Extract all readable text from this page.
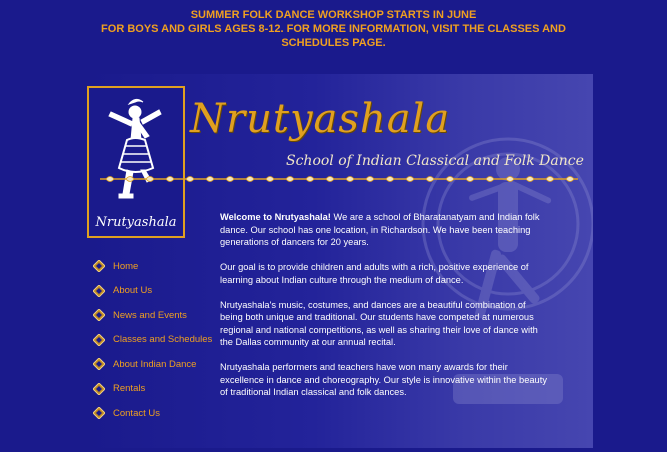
SUMMER FOLK DANCE WORKSHOP STARTS IN JUNE
FOR BOYS AND GIRLS AGES 8-12. FOR MORE INFORMATION, VISIT THE CLASSES AND
SCHEDULES PAGE.
Nrutyashala
Nrutyashala
School of Indian Classical and Folk Dance
Home
About Us
News and Events
Classes and Schedules
About Indian Dance
Rentals
Contact Us

Welcome to Nrutyashala! We are a school of Bharatanatyam and Indian folk dance. Our school has one location, in Richardson. We have been teaching generations of dancers for 20 years.

Our goal is to provide children and adults with a rich, positive experience of learning about Indian culture through the medium of dance.

Nrutyashala's music, costumes, and dances are a beautiful combination of being both unique and traditional. Our students have competed at numerous regional and national competitions, as well as sharing their love of dance with the Dallas community at our annual recital.

Nrutyashala performers and teachers have won many awards for their excellence in dance and choreography. Our style is innovative within the beauty of traditional Indian classical and folk dances.
